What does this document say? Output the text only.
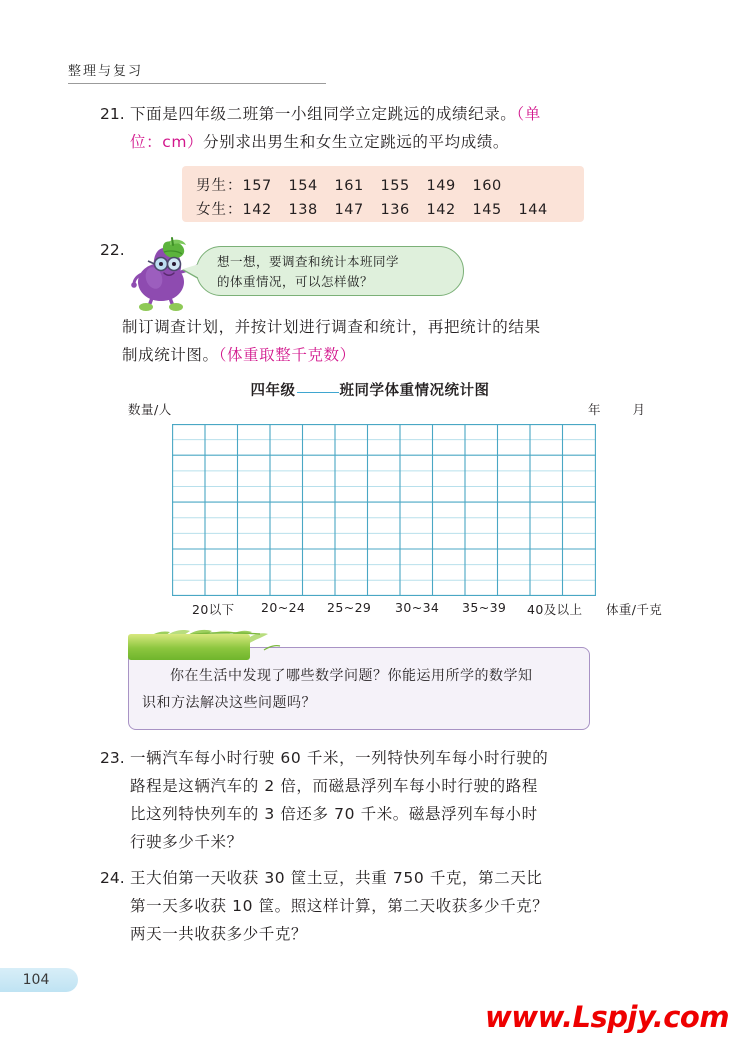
整理与复习
21. 下面是四年级二班第一小组同学立定跳远的成绩纪录。（单
位：cm）分别求出男生和女生立定跳远的平均成绩。
男生：157 154 161 155 149 160
女生：142 138 147 136 142 145 144
22.
想一想，要调查和统计本班同学
的体重情况，可以怎样做？
制订调查计划，并按计划进行调查和统计，再把统计的结果
制成统计图。（体重取整千克数）
四年级	班同学体重情况统计图
数量/人	年 月
20以下 20~24 25~29 30~34 35~39 40及以上 体重/千克
你在生活中发现了哪些数学问题？你能运用所学的数学知
识和方法解决这些问题吗？
23. 一辆汽车每小时行驶 60 千米，一列特快列车每小时行驶的
路程是这辆汽车的 2 倍，而磁悬浮列车每小时行驶的路程
比这列特快列车的 3 倍还多 70 千米。磁悬浮列车每小时
行驶多少千米？
24. 王大伯第一天收获 30 筐土豆，共重 750 千克，第二天比
第一天多收获 10 筐。照这样计算，第二天收获多少千克？
两天一共收获多少千克？
104
www.Lspjy.com
